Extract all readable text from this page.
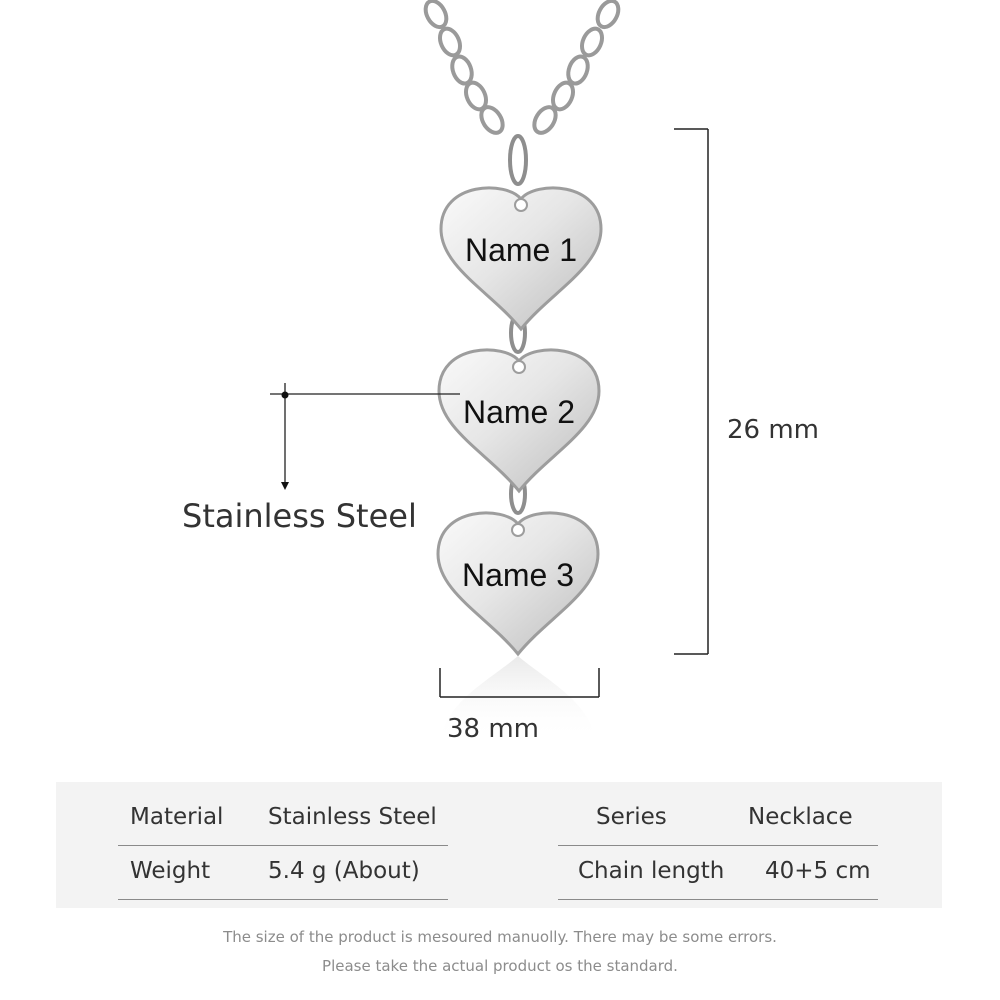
Name 1
Name 2
Name 3
26 mm
38 mm
Stainless Steel
Material Stainless Steel
Weight	5.4 g (About)
Series	Necklace
Chain length 40+5 cm
The size of the product is mesoured manuolly. There may be some errors.
Please take the actual product os the standard.
